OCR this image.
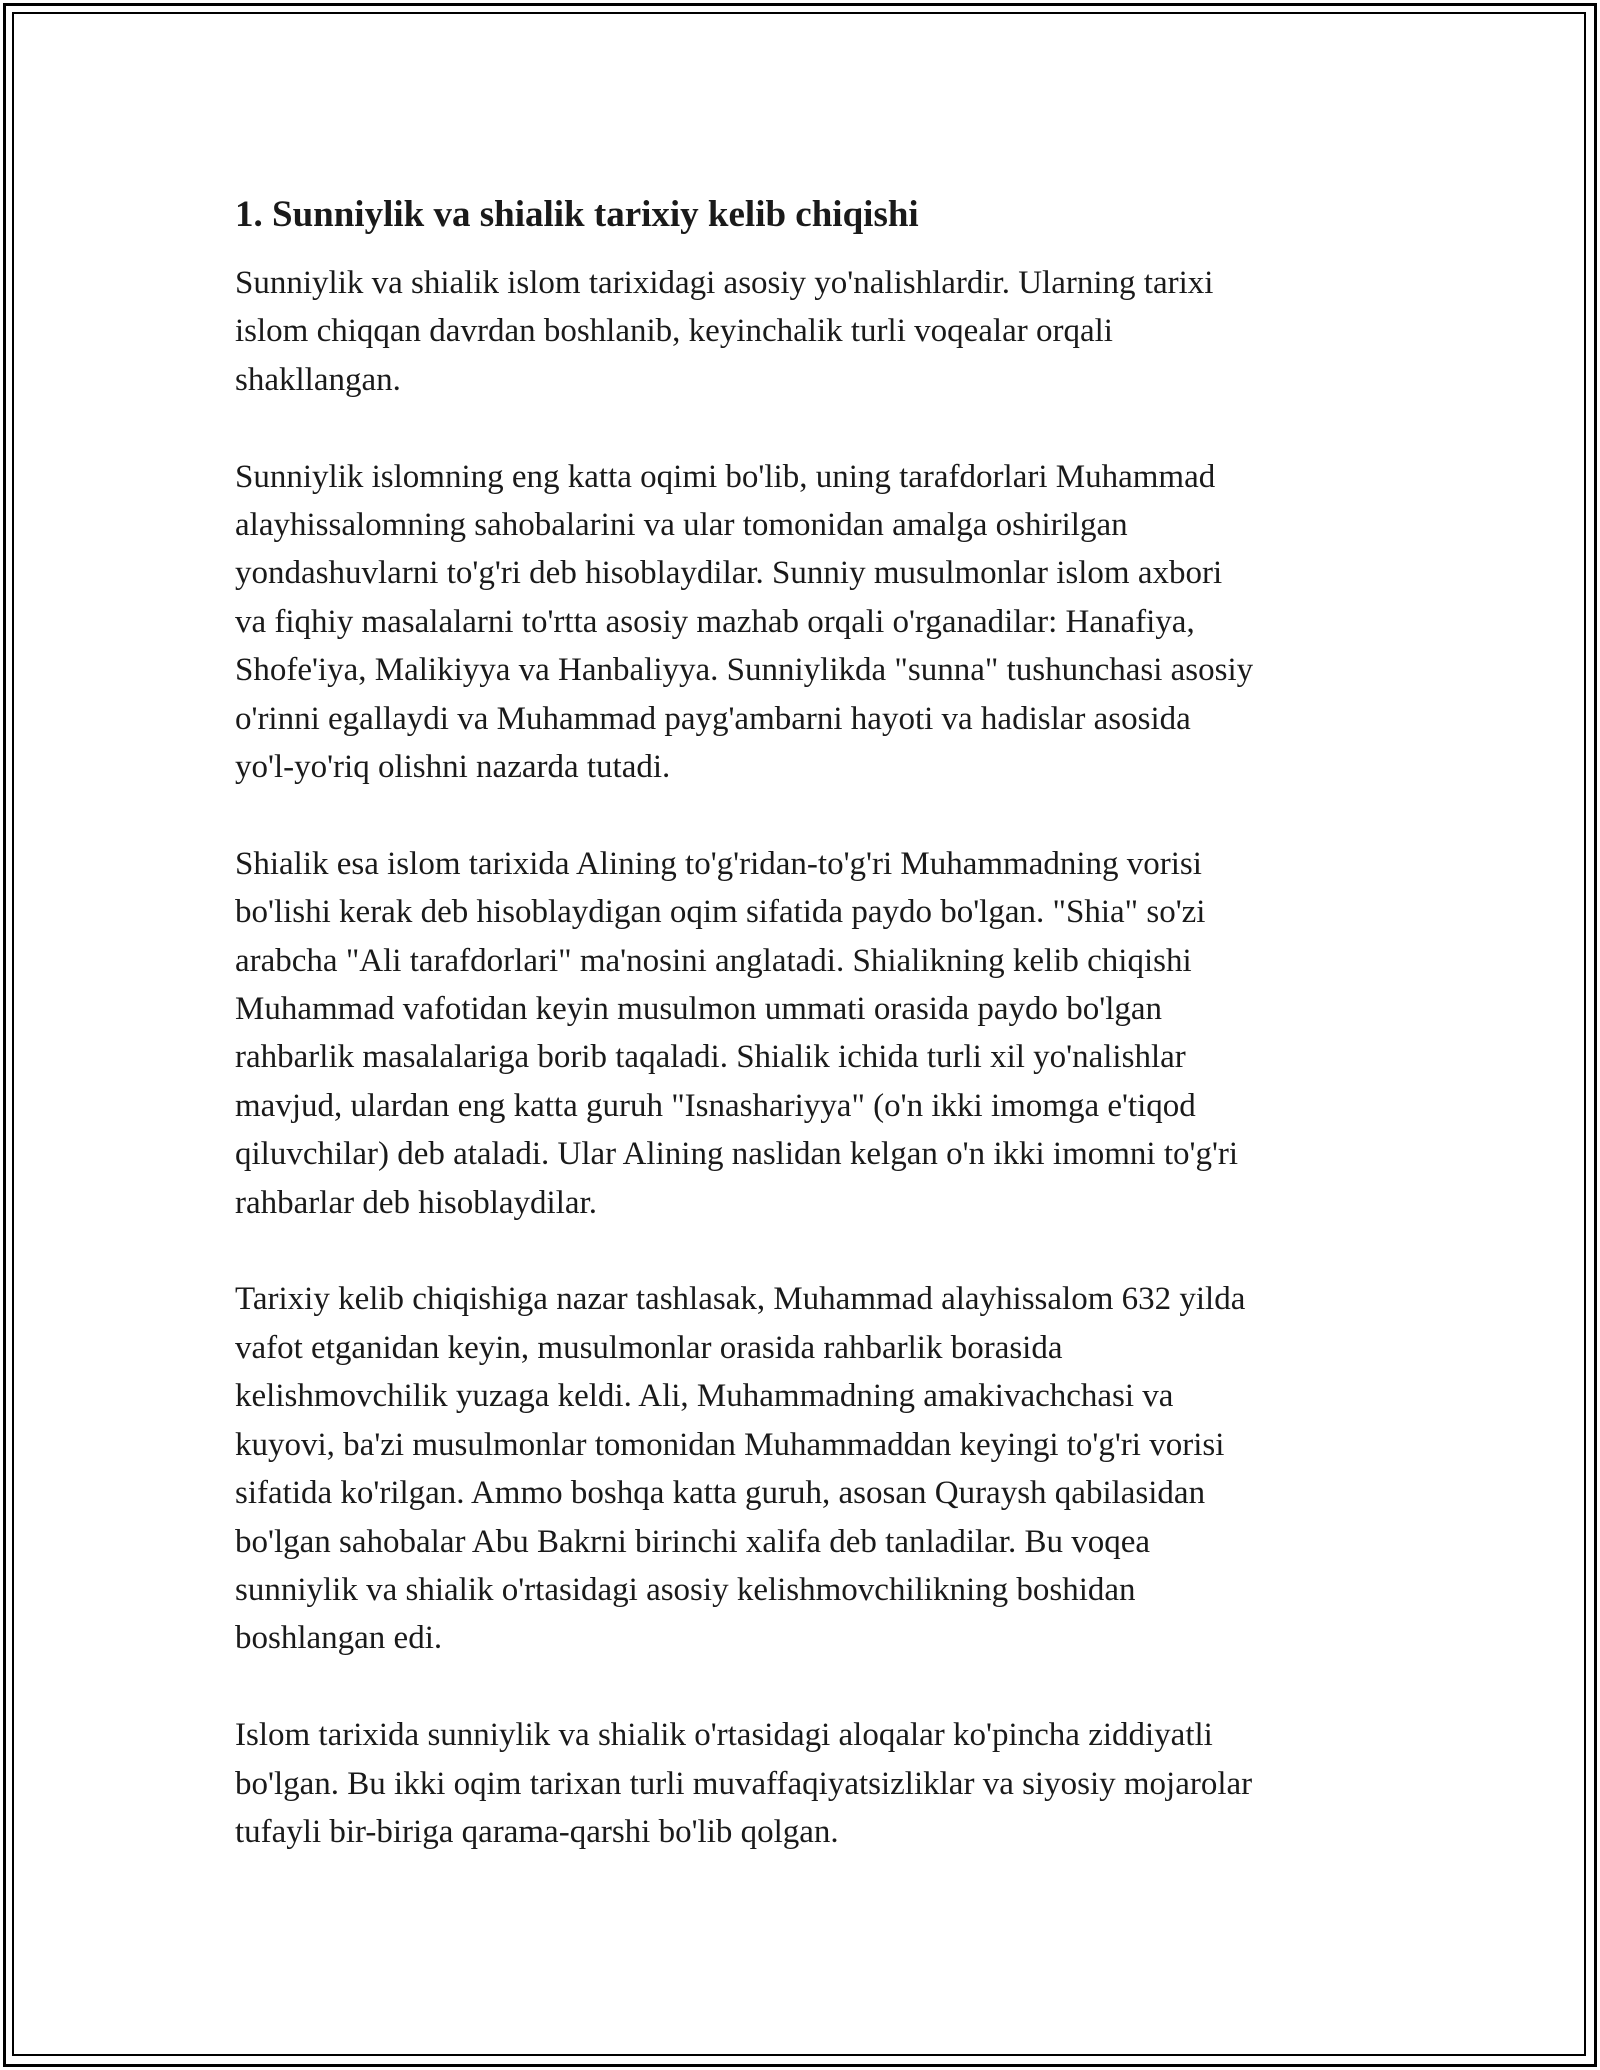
1. Sunniylik va shialik tarixiy kelib chiqishi
Sunniylik va shialik islom tarixidagi asosiy yo'nalishlardir. Ularning tarixi
islom chiqqan davrdan boshlanib, keyinchalik turli voqealar orqali
shakllangan.
Sunniylik islomning eng katta oqimi bo'lib, uning tarafdorlari Muhammad
alayhissalomning sahobalarini va ular tomonidan amalga oshirilgan
yondashuvlarni to'g'ri deb hisoblaydilar. Sunniy musulmonlar islom axbori
va fiqhiy masalalarni to'rtta asosiy mazhab orqali o'rganadilar: Hanafiya,
Shofe'iya, Malikiyya va Hanbaliyya. Sunniylikda "sunna" tushunchasi asosiy
o'rinni egallaydi va Muhammad payg'ambarni hayoti va hadislar asosida
yo'l-yo'riq olishni nazarda tutadi.
Shialik esa islom tarixida Alining to'g'ridan-to'g'ri Muhammadning vorisi
bo'lishi kerak deb hisoblaydigan oqim sifatida paydo bo'lgan. "Shia" so'zi
arabcha "Ali tarafdorlari" ma'nosini anglatadi. Shialikning kelib chiqishi
Muhammad vafotidan keyin musulmon ummati orasida paydo bo'lgan
rahbarlik masalalariga borib taqaladi. Shialik ichida turli xil yo'nalishlar
mavjud, ulardan eng katta guruh "Isnashariyya" (o'n ikki imomga e'tiqod
qiluvchilar) deb ataladi. Ular Alining naslidan kelgan o'n ikki imomni to'g'ri
rahbarlar deb hisoblaydilar.
Tarixiy kelib chiqishiga nazar tashlasak, Muhammad alayhissalom 632 yilda
vafot etganidan keyin, musulmonlar orasida rahbarlik borasida
kelishmovchilik yuzaga keldi. Ali, Muhammadning amakivachchasi va
kuyovi, ba'zi musulmonlar tomonidan Muhammaddan keyingi to'g'ri vorisi
sifatida ko'rilgan. Ammo boshqa katta guruh, asosan Quraysh qabilasidan
bo'lgan sahobalar Abu Bakrni birinchi xalifa deb tanladilar. Bu voqea
sunniylik va shialik o'rtasidagi asosiy kelishmovchilikning boshidan
boshlangan edi.
Islom tarixida sunniylik va shialik o'rtasidagi aloqalar ko'pincha ziddiyatli
bo'lgan. Bu ikki oqim tarixan turli muvaffaqiyatsizliklar va siyosiy mojarolar
tufayli bir-biriga qarama-qarshi bo'lib qolgan.
